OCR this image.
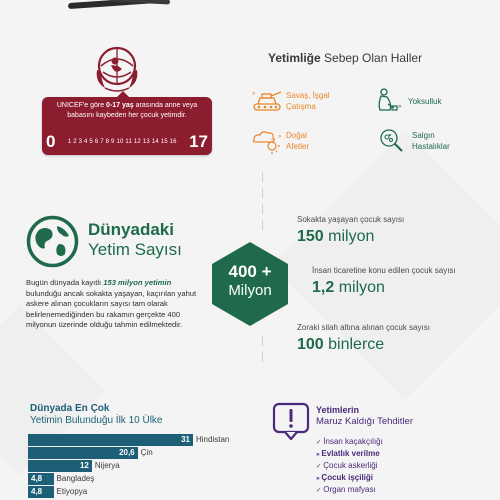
UNICEF'e göre 0-17 yaş arasında anne veya babasını kaybeden her çocuk yetimdir.
0 1 2 3 4 5 6 7 8 9 10 11 12 13 14 15 16 17
Yetimliğe Sebep Olan Haller
»	Savaş, İşgal
Çatışma	»
Yoksulluk
» Doğal
Afetler
Salgın
Hastalıklar
Dünyadaki
Yetim Sayısı
Bugün dünyada kayıtlı 153 milyon yetimin bulunduğu ancak sokakta yaşayan, kaçırılan yahut askere alınan çocukların sayısı tam olarak belirlenemediğinden bu rakamın gerçekte 400 milyonun üzerinde olduğu tahmin edilmektedir.
400 +
Milyon
Sokakta yaşayan çocuk sayısı
150 milyon
İnsan ticaretine konu edilen çocuk sayısı
1,2 milyon
Zoraki silah altına alınan çocuk sayısı
100 binlerce
Dünyada En Çok
Yetimin Bulunduğu İlk 10 Ülke
31 Hindistan
20,6 Çin
12 Nijerya
4,8	Bangladeş
4,8	Etiyopya
Yetimlerin
Maruz Kaldığı Tehditler
✓ İnsan kaçakçılığı
» Evlatlık verilme
✓ Çocuk askerliği
» Çocuk işçiliği
✓ Organ mafyası
